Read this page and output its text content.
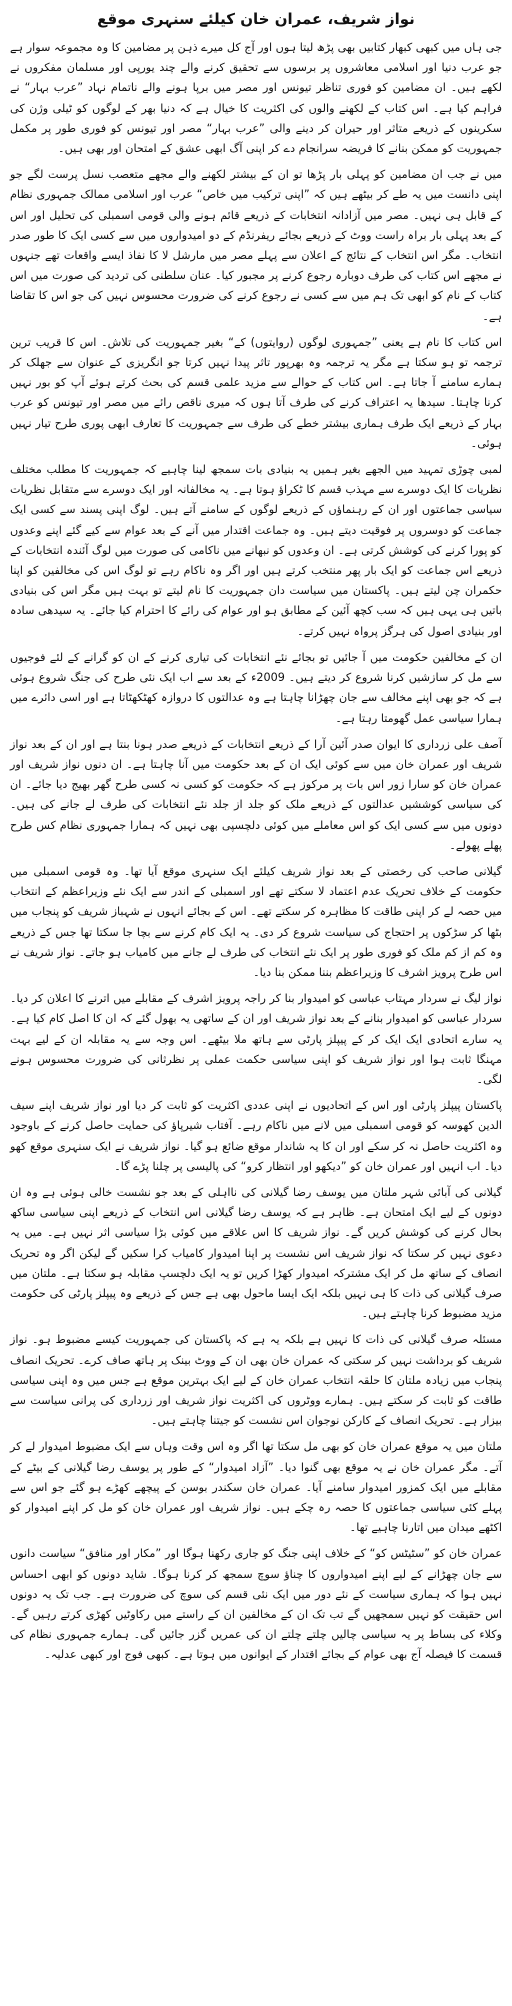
نواز شریف، عمران خان کیلئے سنہری موقع

جی ہاں میں کبھی کبھار کتابیں بھی پڑھ لیتا ہوں اور آج کل میرے ذہن پر مضامین کا وہ مجموعہ سوار ہے جو عرب دنیا اور اسلامی معاشروں پر برسوں سے تحقیق کرنے والے چند یورپی اور مسلمان مفکروں نے لکھے ہیں۔ ان مضامین کو فوری تناظر تیونس اور مصر میں برپا ہونے والے ناتمام نہاد ”عرب بہار“ نے فراہم کیا ہے۔ اس کتاب کے لکھنے والوں کی اکثریت کا خیال ہے کہ دنیا بھر کے لوگوں کو ٹیلی وژن کی سکرینوں کے ذریعے متاثر اور حیران کر دینے والی ”عرب بہار“ مصر اور تیونس کو فوری طور پر مکمل جمہوریت کو ممکن بنانے کا فریضہ سرانجام دے کر اپنی آگ ابھی عشق کے امتحان اور بھی ہیں۔

میں نے جب ان مضامین کو پہلی بار پڑھا تو ان کے بیشتر لکھنے والے مجھے متعصب نسل پرست لگے جو اپنی دانست میں یہ طے کر بیٹھے ہیں کہ ”اپنی ترکیب میں خاص“ عرب اور اسلامی ممالک جمہوری نظام کے قابل ہی نہیں۔ مصر میں آزادانہ انتخابات کے ذریعے قائم ہونے والی قومی اسمبلی کی تحلیل اور اس کے بعد پہلی بار براہ راست ووٹ کے ذریعے بجائے ریفرنڈم کے دو امیدواروں میں سے کسی ایک کا طور صدر انتخاب۔ مگر اس انتخاب کے نتائج کے اعلان سے پہلے مصر میں مارشل لا کا نفاذ ایسے واقعات تھے جنہوں نے مجھے اس کتاب کی طرف دوبارہ رجوع کرنے پر مجبور کیا۔ عنان سلطنی کی تردید کی صورت میں اس کتاب کے نام کو ابھی تک ہم میں سے کسی نے رجوع کرنے کی ضرورت محسوس نہیں کی جو اس کا تقاضا ہے۔

اس کتاب کا نام ہے یعنی ”جمہوری لوگوں (روایتوں) کے“ بغیر جمہوریت کی تلاش۔ اس کا قریب ترین ترجمہ تو ہو سکتا ہے مگر یہ ترجمہ وہ بھرپور تاثر پیدا نہیں کرتا جو انگریزی کے عنوان سے جھلک کر ہمارے سامنے آ جاتا ہے۔ اس کتاب کے حوالے سے مزید علمی قسم کی بحث کرتے ہوئے آپ کو بور نہیں کرنا چاہتا۔ سیدھا یہ اعتراف کرنے کی طرف آتا ہوں کہ میری ناقص رائے میں مصر اور تیونس کو عرب بہار کے ذریعے ایک طرف ہماری بیشتر خطے کی طرف سے جمہوریت کا تعارف ابھی پوری طرح تیار نہیں ہوئی۔

لمبی چوڑی تمہید میں الجھے بغیر ہمیں یہ بنیادی بات سمجھ لینا چاہیے کہ جمہوریت کا مطلب مختلف نظریات کا ایک دوسرے سے مہذب قسم کا ٹکراؤ ہوتا ہے۔ یہ مخالفانہ اور ایک دوسرے سے متقابل نظریات سیاسی جماعتوں اور ان کے رہنماؤں کے ذریعے لوگوں کے سامنے آتے ہیں۔ لوگ اپنی پسند سے کسی ایک جماعت کو دوسروں پر فوقیت دیتے ہیں۔ وہ جماعت اقتدار میں آنے کے بعد عوام سے کیے گئے اپنے وعدوں کو پورا کرنے کی کوشش کرتی ہے۔ ان وعدوں کو نبھانے میں ناکامی کی صورت میں لوگ آئندہ انتخابات کے ذریعے اس جماعت کو ایک بار پھر منتخب کرتے ہیں اور اگر وہ ناکام رہے تو لوگ اس کی مخالفین کو اپنا حکمران چن لیتے ہیں۔ پاکستان میں سیاست دان جمہوریت کا نام لیتے تو بہت ہیں مگر اس کی بنیادی باتیں ہی یہی ہیں کہ سب کچھ آئین کے مطابق ہو اور عوام کی رائے کا احترام کیا جائے۔ یہ سیدھی سادہ اور بنیادی اصول کی ہرگز پرواہ نہیں کرتے۔

ان کے مخالفین حکومت میں آ جائیں تو بجائے نئے انتخابات کی تیاری کرنے کے ان کو گرانے کے لئے فوجیوں سے مل کر سازشیں کرنا شروع کر دیتے ہیں۔ 2009ء کے بعد سے اب ایک نئی طرح کی جنگ شروع ہوئی ہے کہ جو بھی اپنے مخالف سے جان چھڑانا چاہتا ہے وہ عدالتوں کا دروازہ کھٹکھٹاتا ہے اور اسی دائرے میں ہمارا سیاسی عمل گھومتا رہتا ہے۔

آصف علی زرداری کا ایوان صدر آئین آرا کے ذریعے انتخابات کے ذریعے صدر ہونا بنتا ہے اور ان کے بعد نواز شریف اور عمران خان میں سے کوئی ایک ان کے بعد حکومت میں آنا چاہتا ہے۔ ان دنوں نواز شریف اور عمران خان کو سارا زور اس بات پر مرکوز ہے کہ حکومت کو کسی نہ کسی طرح گھر بھیج دیا جائے۔ ان کی سیاسی کوششیں عدالتوں کے ذریعے ملک کو جلد از جلد نئے انتخابات کی طرف لے جانے کی ہیں۔ دونوں میں سے کسی ایک کو اس معاملے میں کوئی دلچسپی بھی نہیں کہ ہمارا جمہوری نظام کس طرح پھلے پھولے۔

گیلانی صاحب کی رخصتی کے بعد نواز شریف کیلئے ایک سنہری موقع آیا تھا۔ وہ قومی اسمبلی میں حکومت کے خلاف تحریک عدم اعتماد لا سکتے تھے اور اسمبلی کے اندر سے ایک نئے وزیراعظم کے انتخاب میں حصہ لے کر اپنی طاقت کا مظاہرہ کر سکتے تھے۔ اس کے بجائے انہوں نے شہباز شریف کو پنجاب میں بٹھا کر سڑکوں پر احتجاج کی سیاست شروع کر دی۔ یہ ایک کام کرنے سے بچا جا سکتا تھا جس کے ذریعے وہ کم از کم ملک کو فوری طور پر ایک نئے انتخاب کی طرف لے جانے میں کامیاب ہو جاتے۔ نواز شریف نے اس طرح پرویز اشرف کا وزیراعظم بننا ممکن بنا دیا۔

نواز لیگ نے سردار مہتاب عباسی کو امیدوار بنا کر راجہ پرویز اشرف کے مقابلے میں اترنے کا اعلان کر دیا۔ سردار عباسی کو امیدوار بنانے کے بعد نواز شریف اور ان کے ساتھی یہ بھول گئے کہ ان کا اصل کام کیا ہے۔ یہ سارے اتحادی ایک ایک کر کے پیپلز پارٹی سے ہاتھ ملا بیٹھے۔ اس وجہ سے یہ مقابلہ ان کے لیے بہت مہنگا ثابت ہوا اور نواز شریف کو اپنی سیاسی حکمت عملی پر نظرثانی کی ضرورت محسوس ہونے لگی۔

پاکستان پیپلز پارٹی اور اس کے اتحادیوں نے اپنی عددی اکثریت کو ثابت کر دیا اور نواز شریف اپنے سیف الدین کھوسہ کو قومی اسمبلی میں لانے میں ناکام رہے۔ آفتاب شیرپاؤ کی حمایت حاصل کرنے کے باوجود وہ اکثریت حاصل نہ کر سکے اور ان کا یہ شاندار موقع ضائع ہو گیا۔ نواز شریف نے ایک سنہری موقع کھو دیا۔ اب انہیں اور عمران خان کو ”دیکھو اور انتظار کرو“ کی پالیسی پر چلنا پڑے گا۔

گیلانی کی آبائی شہر ملتان میں یوسف رضا گیلانی کی نااہلی کے بعد جو نشست خالی ہوئی ہے وہ ان دونوں کے لیے ایک امتحان ہے۔ ظاہر ہے کہ یوسف رضا گیلانی اس انتخاب کے ذریعے اپنی سیاسی ساکھ بحال کرنے کی کوشش کریں گے۔ نواز شریف کا اس علاقے میں کوئی بڑا سیاسی اثر نہیں ہے۔ میں یہ دعوی نہیں کر سکتا کہ نواز شریف اس نشست پر اپنا امیدوار کامیاب کرا سکیں گے لیکن اگر وہ تحریک انصاف کے ساتھ مل کر ایک مشترکہ امیدوار کھڑا کریں تو یہ ایک دلچسپ مقابلہ ہو سکتا ہے۔ ملتان میں صرف گیلانی کی ذات کا ہی نہیں بلکہ ایک ایسا ماحول بھی ہے جس کے ذریعے وہ پیپلز پارٹی کی حکومت مزید مضبوط کرنا چاہتے ہیں۔

مسئلہ صرف گیلانی کی ذات کا نہیں ہے بلکہ یہ ہے کہ پاکستان کی جمہوریت کیسے مضبوط ہو۔ نواز شریف کو برداشت نہیں کر سکتی کہ عمران خان بھی ان کے ووٹ بینک پر ہاتھ صاف کرے۔ تحریک انصاف پنجاب میں زیادہ ملتان کا حلقہ انتخاب عمران خان کے لیے ایک بہترین موقع ہے جس میں وہ اپنی سیاسی طاقت کو ثابت کر سکتے ہیں۔ ہمارے ووٹروں کی اکثریت نواز شریف اور زرداری کی پرانی سیاست سے بیزار ہے۔ تحریک انصاف کے کارکن نوجوان اس نشست کو جیتنا چاہتے ہیں۔

ملتان میں یہ موقع عمران خان کو بھی مل سکتا تھا اگر وہ اس وقت وہاں سے ایک مضبوط امیدوار لے کر آتے۔ مگر عمران خان نے یہ موقع بھی گنوا دیا۔ ”آزاد امیدوار“ کے طور پر یوسف رضا گیلانی کے بیٹے کے مقابلے میں ایک کمزور امیدوار سامنے آیا۔ عمران خان سکندر بوسن کے پیچھے کھڑے ہو گئے جو اس سے پہلے کئی سیاسی جماعتوں کا حصہ رہ چکے ہیں۔ نواز شریف اور عمران خان کو مل کر اپنے امیدوار کو اکٹھے میدان میں اتارنا چاہیے تھا۔

عمران خان کو ”سٹیٹس کو“ کے خلاف اپنی جنگ کو جاری رکھنا ہوگا اور ”مکار اور منافق“ سیاست دانوں سے جان چھڑانے کے لیے اپنے امیدواروں کا چناؤ سوچ سمجھ کر کرنا ہوگا۔ شاید دونوں کو ابھی احساس نہیں ہوا کہ ہماری سیاست کے نئے دور میں ایک نئی قسم کی سوچ کی ضرورت ہے۔ جب تک یہ دونوں اس حقیقت کو نہیں سمجھیں گے تب تک ان کے مخالفین ان کے راستے میں رکاوٹیں کھڑی کرتے رہیں گے۔ وکلاء کی بساط پر یہ سیاسی چالیں چلتے چلتے ان کی عمریں گزر جائیں گی۔ ہمارے جمہوری نظام کی قسمت کا فیصلہ آج بھی عوام کے بجائے اقتدار کے ایوانوں میں ہوتا ہے۔ کبھی فوج اور کبھی عدلیہ۔
